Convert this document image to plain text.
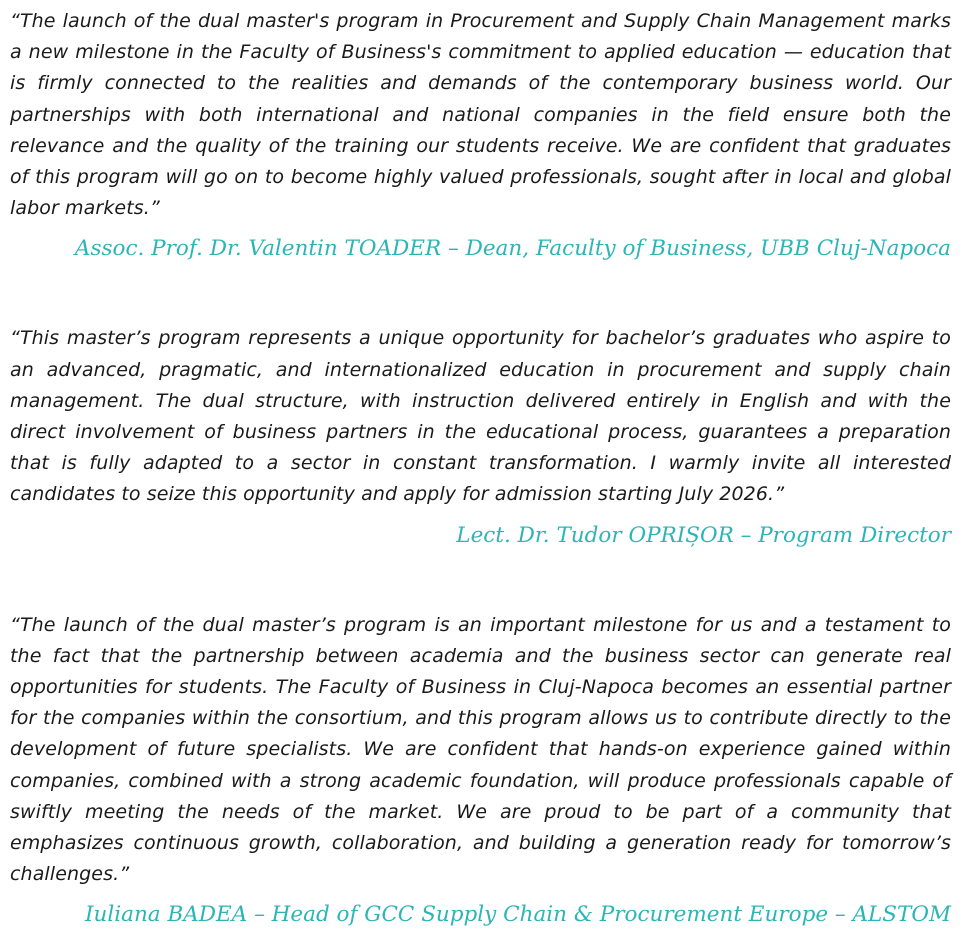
“The launch of the dual master's program in Procurement and Supply Chain Management marks a new milestone in the Faculty of Business's commitment to applied education — education that is firmly connected to the realities and demands of the contemporary business world. Our partnerships with both international and national companies in the field ensure both the relevance and the quality of the training our students receive. We are confident that graduates of this program will go on to become highly valued professionals, sought after in local and global labor markets.”

Assoc. Prof. Dr. Valentin TOADER – Dean, Faculty of Business, UBB Cluj-Napoca

“This master’s program represents a unique opportunity for bachelor’s graduates who aspire to an advanced, pragmatic, and internationalized education in procurement and supply chain management. The dual structure, with instruction delivered entirely in English and with the direct involvement of business partners in the educational process, guarantees a preparation that is fully adapted to a sector in constant transformation. I warmly invite all interested candidates to seize this opportunity and apply for admission starting July 2026.”

Lect. Dr. Tudor OPRIȘOR – Program Director

“The launch of the dual master’s program is an important milestone for us and a testament to the fact that the partnership between academia and the business sector can generate real opportunities for students. The Faculty of Business in Cluj-Napoca becomes an essential partner for the companies within the consortium, and this program allows us to contribute directly to the development of future specialists. We are confident that hands-on experience gained within companies, combined with a strong academic foundation, will produce professionals capable of swiftly meeting the needs of the market. We are proud to be part of a community that emphasizes continuous growth, collaboration, and building a generation ready for tomorrow’s challenges.”

Iuliana BADEA – Head of GCC Supply Chain & Procurement Europe – ALSTOM
